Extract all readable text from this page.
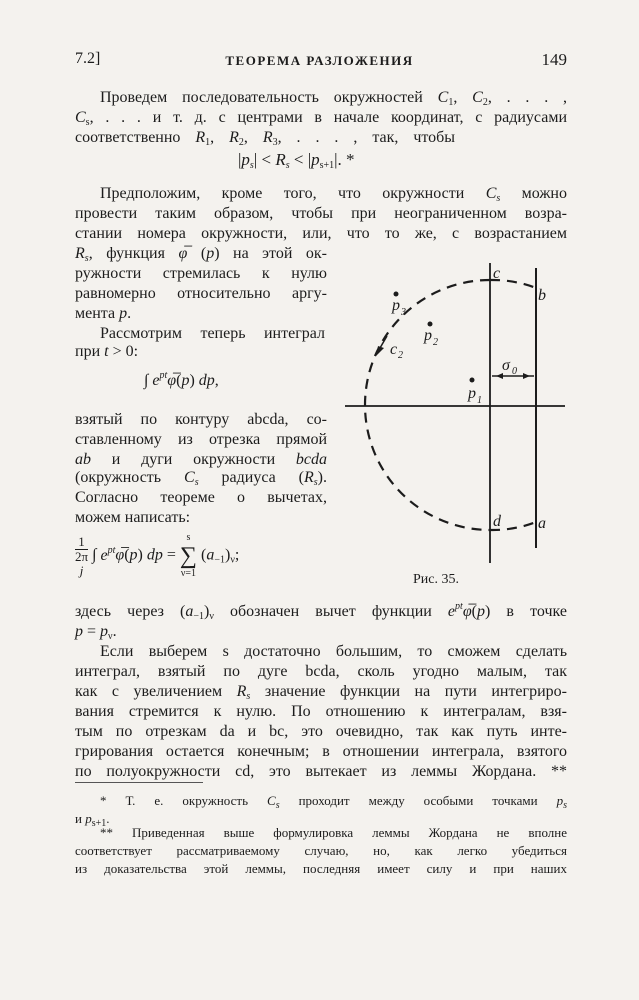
7.2]	ТЕОРЕМА РАЗЛОЖЕНИЯ	149
Проведем последовательность окружностей $C_1$, $C_2$, . . . ,
$C_s$, . . . и т. д. с центрами в начале координат, с радиусами
соответственно $R_1$, $R_2$, $R_3$, . . . , так, чтобы
$|p_s| < R_s < |p_{s+1}|$. *
Предположим, кроме того, что окружности $C_s$ можно
провести таким образом, чтобы при неограниченном возра-
стании номера окружности, или, что то же, с возрастанием
$R_s$, функция φ̅ (p) на этой ок-
ружности стремилась к нулю
равномерно относительно аргу-
мента p.
Рассмотрим теперь интеграл
при t > 0:
∫ $e^{pt}\varphi̅(p)$ dp,
взятый по контуру abcda, со-
ставленному из отрезка прямой
ab и дуги окружности bcda
(окружность $C_s$ радиуса $(R_s)$.
Согласно теореме о вычетах,
можем написать:
1
2π
j ∫ $e^{pt}\varphi̅(p)$ dp =
s
∑
ν=1
$(a_{-1})_\nu$;
c
b
d a
p 3
p 2
p 1
c 2
σ 0
Рис. 35.
здесь через $(a_{-1})_\nu$ обозначен вычет функции $e^{pt}\varphi̅(p)$ в точке
$p = p_\nu$.
Если выберем s достаточно большим, то сможем сделать
интеграл, взятый по дуге bcda, сколь угодно малым, так
как с увеличением $R_s$ значение функции на пути интегриро-
вания стремится к нулю. По отношению к интегралам, взя-
тым по отрезкам da и bc, это очевидно, так как путь инте-
грирования остается конечным; в отношении интеграла, взятого
по полуокружности cd, это вытекает из леммы Жордана. **
* Т. е. окружность $C_s$ проходит между особыми точками $p_s$
и $p_{s+1}$.
** Приведенная выше формулировка леммы Жордана не вполне
соответствует рассматриваемому случаю, но, как легко убедиться
из доказательства этой леммы, последняя имеет силу и при наших
